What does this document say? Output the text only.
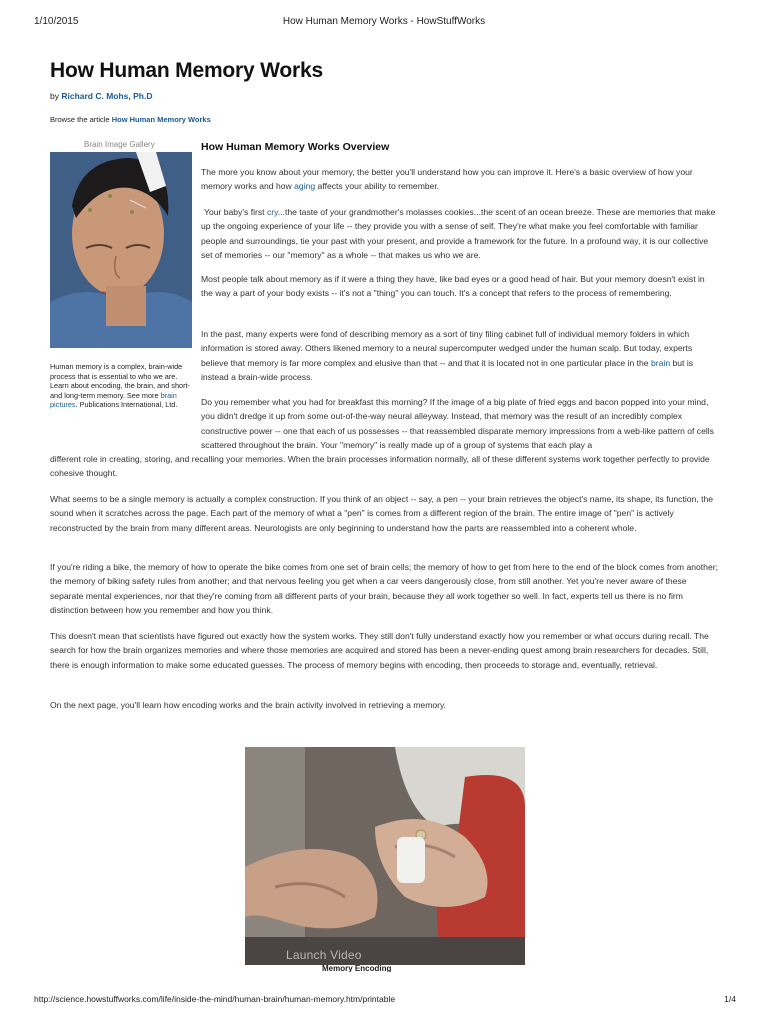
1/10/2015	How Human Memory Works - HowStuffWorks
How Human Memory Works
by Richard C. Mohs, Ph.D
Browse the article How Human Memory Works
Brain Image Gallery
Human memory is a complex, brain-wide process that is essential to who we are. Learn about encoding, the brain, and short- and long-term memory. See more brain pictures. Publications International, Ltd.
How Human Memory Works Overview

The more you know about your memory, the better you'll understand how you can improve it. Here's a basic overview of how your memory works and how aging affects your ability to remember.

Your baby's first cry...the taste of your grandmother's molasses cookies...the scent of an ocean breeze. These are memories that make up the ongoing experience of your life -- they provide you with a sense of self. They're what make you feel comfortable with familiar people and surroundings, tie your past with your present, and provide a framework for the future. In a profound way, it is our collective set of memories -- our "memory" as a whole -- that makes us who we are.

Most people talk about memory as if it were a thing they have, like bad eyes or a good head of hair. But your memory doesn't exist in the way a part of your body exists -- it's not a "thing" you can touch. It's a concept that refers to the process of remembering.

In the past, many experts were fond of describing memory as a sort of tiny filing cabinet full of individual memory folders in which information is stored away. Others likened memory to a neural supercomputer wedged under the human scalp. But today, experts believe that memory is far more complex and elusive than that -- and that it is located not in one particular place in the brain but is instead a brain-wide process.

Do you remember what you had for breakfast this morning? If the image of a big plate of fried eggs and bacon popped into your mind, you didn't dredge it up from some out-of-the-way neural alleyway. Instead, that memory was the result of an incredibly complex constructive power -- one that each of us possesses -- that reassembled disparate memory impressions from a web-like pattern of cells scattered throughout the brain. Your "memory" is really made up of a group of systems that each play a

different role in creating, storing, and recalling your memories. When the brain processes information normally, all of these different systems work together perfectly to provide cohesive thought.

What seems to be a single memory is actually a complex construction. If you think of an object -- say, a pen -- your brain retrieves the object's name, its shape, its function, the sound when it scratches across the page. Each part of the memory of what a "pen" is comes from a different region of the brain. The entire image of "pen" is actively reconstructed by the brain from many different areas. Neurologists are only beginning to understand how the parts are reassembled into a coherent whole.

If you're riding a bike, the memory of how to operate the bike comes from one set of brain cells; the memory of how to get from here to the end of the block comes from another; the memory of biking safety rules from another; and that nervous feeling you get when a car veers dangerously close, from still another. Yet you're never aware of these separate mental experiences, nor that they're coming from all different parts of your brain, because they all work together so well. In fact, experts tell us there is no firm distinction between how you remember and how you think.

This doesn't mean that scientists have figured out exactly how the system works. They still don't fully understand exactly how you remember or what occurs during recall. The search for how the brain organizes memories and where those memories are acquired and stored has been a never-ending quest among brain researchers for decades. Still, there is enough information to make some educated guesses. The process of memory begins with encoding, then proceeds to storage and, eventually, retrieval.

On the next page, you'll learn how encoding works and the brain activity involved in retrieving a memory.

Launch Video
Memory Encoding
http://science.howstuffworks.com/life/inside-the-mind/human-brain/human-memory.htm/printable	1/4
